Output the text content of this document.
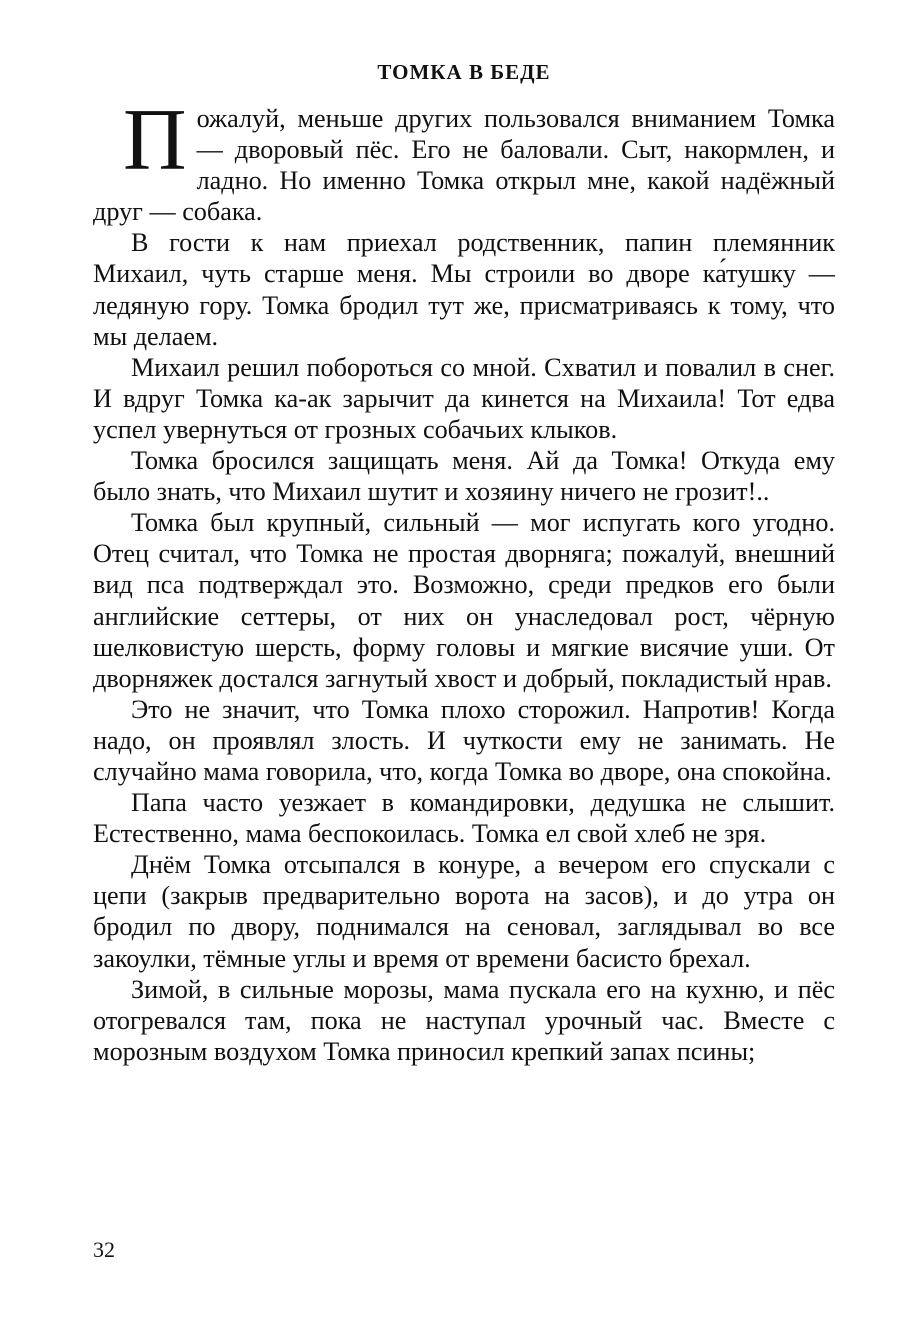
ТОМКА В БЕДЕ

Пожалуй, меньше других пользовался вниманием Томка — дворовый пёс. Его не баловали. Сыт, накормлен, и ладно. Но именно Томка открыл мне, какой надёжный друг — собака.

В гости к нам приехал родственник, папин племянник Михаил, чуть старше меня. Мы строили во дворе ка́тушку — ледяную гору. Томка бродил тут же, присматриваясь к тому, что мы делаем.

Михаил решил побороться со мной. Схватил и повалил в снег. И вдруг Томка ка-ак зарычит да кинется на Михаила! Тот едва успел увернуться от грозных собачьих клыков.

Томка бросился защищать меня. Ай да Томка! Откуда ему было знать, что Михаил шутит и хозяину ничего не грозит!..

Томка был крупный, сильный — мог испугать кого угодно. Отец считал, что Томка не простая дворняга; пожалуй, внешний вид пса подтверждал это. Возможно, среди предков его были английские сеттеры, от них он унаследовал рост, чёрную шелковистую шерсть, форму головы и мягкие висячие уши. От дворняжек достался загнутый хвост и добрый, покладистый нрав.

Это не значит, что Томка плохо сторожил. Напротив! Когда надо, он проявлял злость. И чуткости ему не занимать. Не случайно мама говорила, что, когда Томка во дворе, она спокойна.

Папа часто уезжает в командировки, дедушка не слышит. Естественно, мама беспокоилась. Томка ел свой хлеб не зря.

Днём Томка отсыпался в конуре, а вечером его спускали с цепи (закрыв предварительно ворота на засов), и до утра он бродил по двору, поднимался на сеновал, заглядывал во все закоулки, тёмные углы и время от времени басисто брехал.

Зимой, в сильные морозы, мама пускала его на кухню, и пёс отогревался там, пока не наступал урочный час. Вместе с морозным воздухом Томка приносил крепкий запах псины;

32
